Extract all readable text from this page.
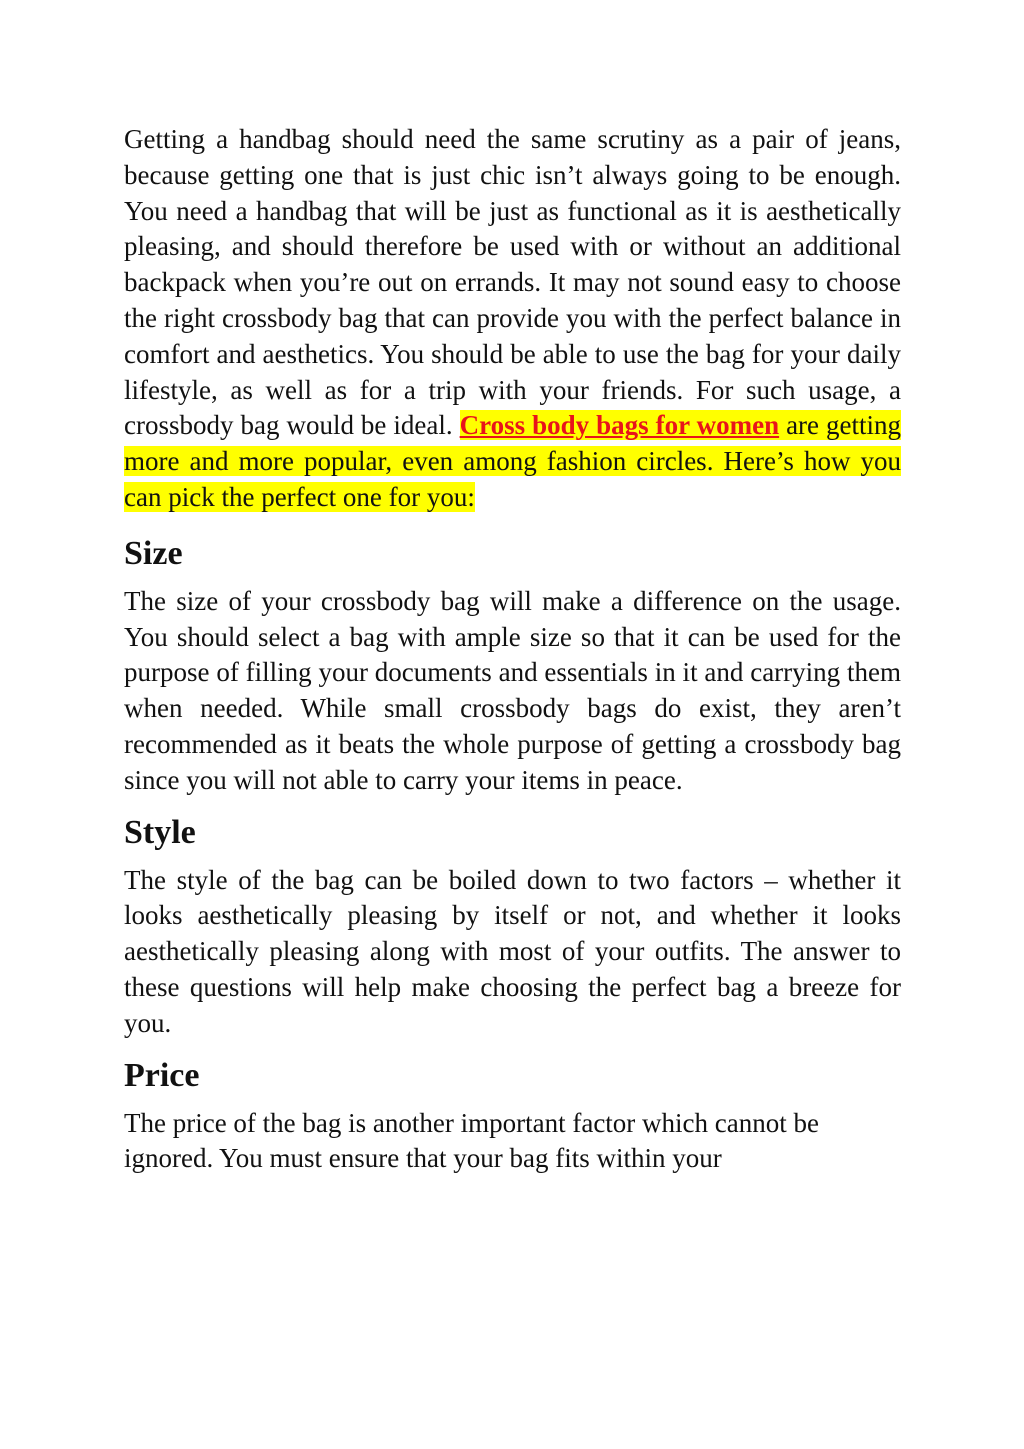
Getting a handbag should need the same scrutiny as a pair of jeans, because getting one that is just chic isn’t always going to be enough. You need a handbag that will be just as functional as it is aesthetically pleasing, and should therefore be used with or without an additional backpack when you’re out on errands. It may not sound easy to choose the right crossbody bag that can provide you with the perfect balance in comfort and aesthetics. You should be able to use the bag for your daily lifestyle, as well as for a trip with your friends. For such usage, a crossbody bag would be ideal. Cross body bags for women are getting more and more popular, even among fashion circles. Here’s how you can pick the perfect one for you:

Size

The size of your crossbody bag will make a difference on the usage. You should select a bag with ample size so that it can be used for the purpose of filling your documents and essentials in it and carrying them when needed. While small crossbody bags do exist, they aren’t recommended as it beats the whole purpose of getting a crossbody bag since you will not able to carry your items in peace.

Style

The style of the bag can be boiled down to two factors – whether it looks aesthetically pleasing by itself or not, and whether it looks aesthetically pleasing along with most of your outfits. The answer to these questions will help make choosing the perfect bag a breeze for you.

Price

The price of the bag is another important factor which cannot be ignored. You must ensure that your bag fits within your
